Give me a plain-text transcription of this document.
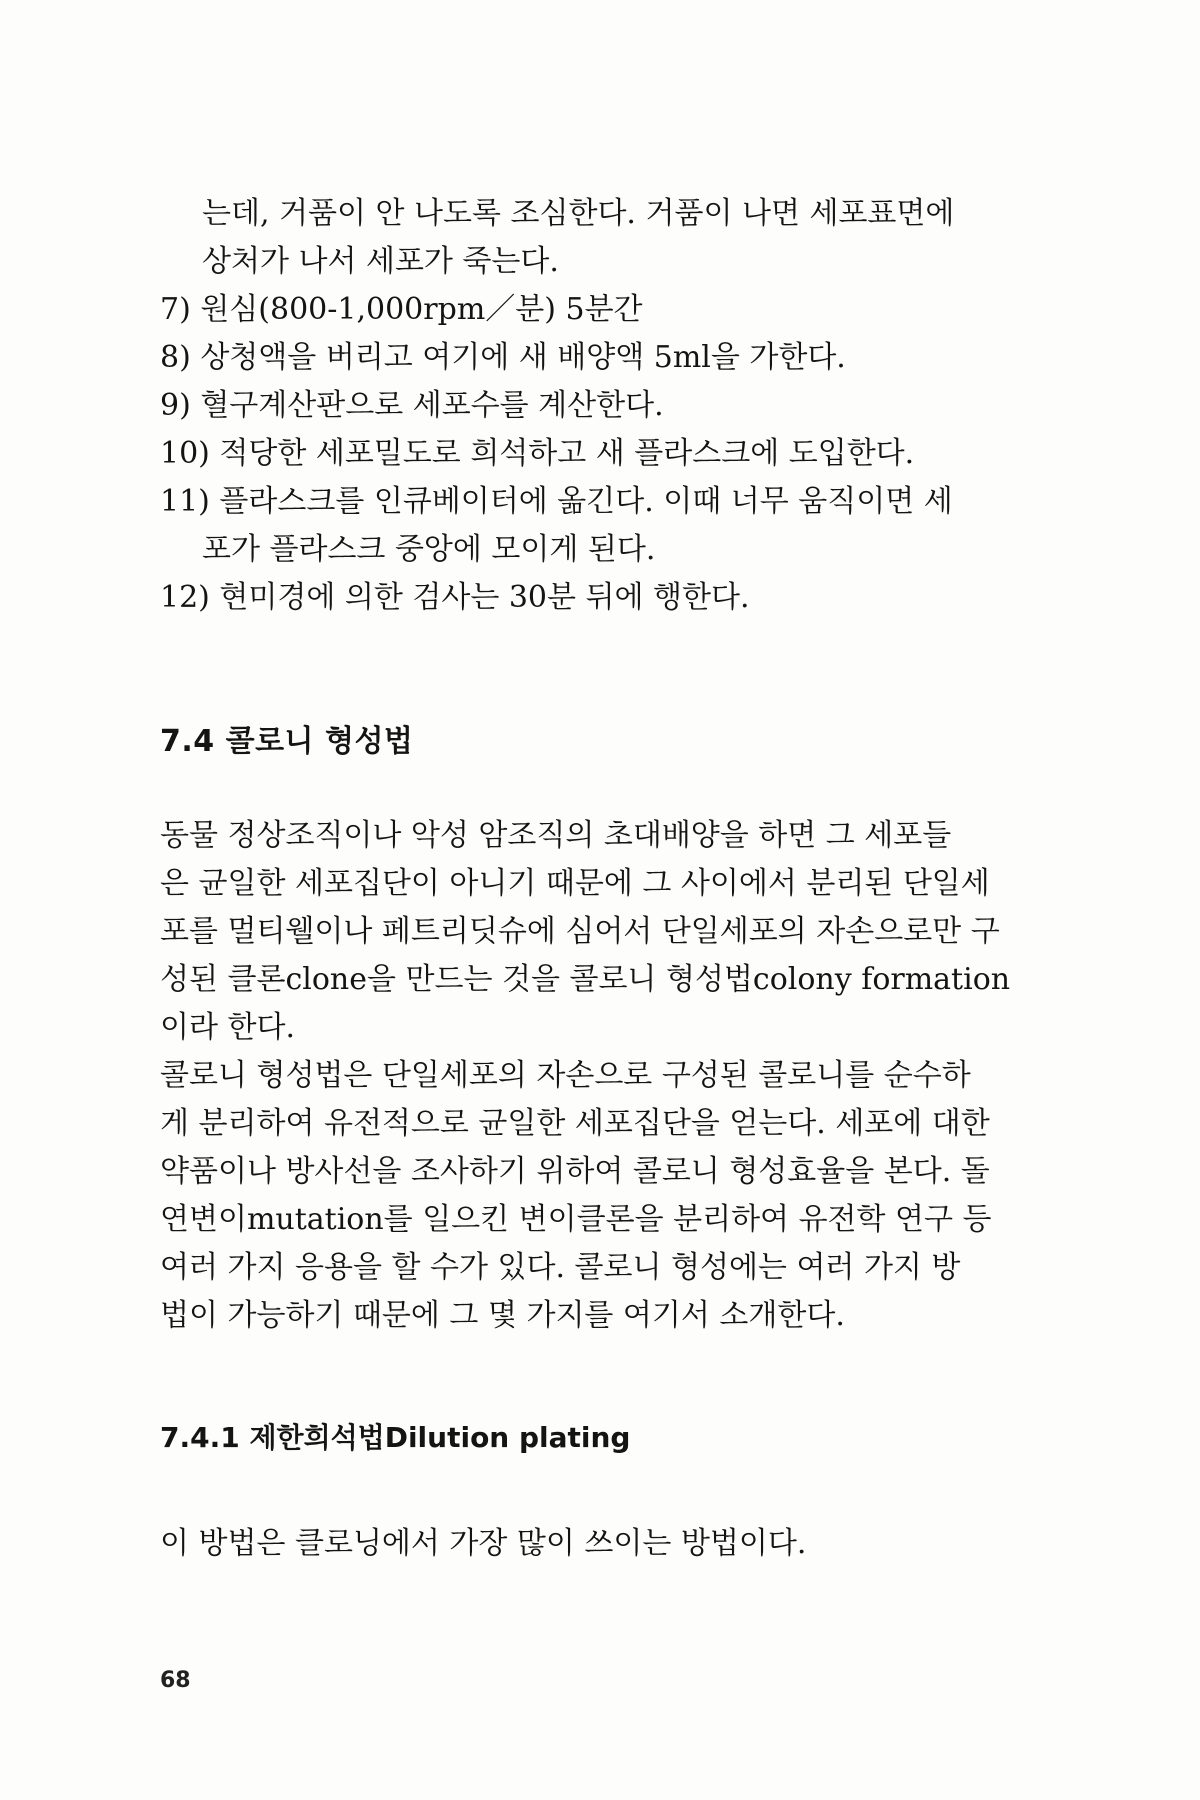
는데, 거품이 안 나도록 조심한다. 거품이 나면 세포표면에
상처가 나서 세포가 죽는다.
7) 원심(800-1,000rpm／분) 5분간
8) 상청액을 버리고 여기에 새 배양액 5ml을 가한다.
9) 혈구계산판으로 세포수를 계산한다.
10) 적당한 세포밀도로 희석하고 새 플라스크에 도입한다.
11) 플라스크를 인큐베이터에 옮긴다. 이때 너무 움직이면 세
포가 플라스크 중앙에 모이게 된다.
12) 현미경에 의한 검사는 30분 뒤에 행한다.
7.4 콜로니 형성법
동물 정상조직이나 악성 암조직의 초대배양을 하면 그 세포들
은 균일한 세포집단이 아니기 때문에 그 사이에서 분리된 단일세
포를 멀티웰이나 페트리딧슈에 심어서 단일세포의 자손으로만 구
성된 클론clone을 만드는 것을 콜로니 형성법colony formation
이라 한다.
콜로니 형성법은 단일세포의 자손으로 구성된 콜로니를 순수하
게 분리하여 유전적으로 균일한 세포집단을 얻는다. 세포에 대한
약품이나 방사선을 조사하기 위하여 콜로니 형성효율을 본다. 돌
연변이mutation를 일으킨 변이클론을 분리하여 유전학 연구 등
여러 가지 응용을 할 수가 있다. 콜로니 형성에는 여러 가지 방
법이 가능하기 때문에 그 몇 가지를 여기서 소개한다.
7.4.1 제한희석법Dilution plating
이 방법은 클로닝에서 가장 많이 쓰이는 방법이다.
68
